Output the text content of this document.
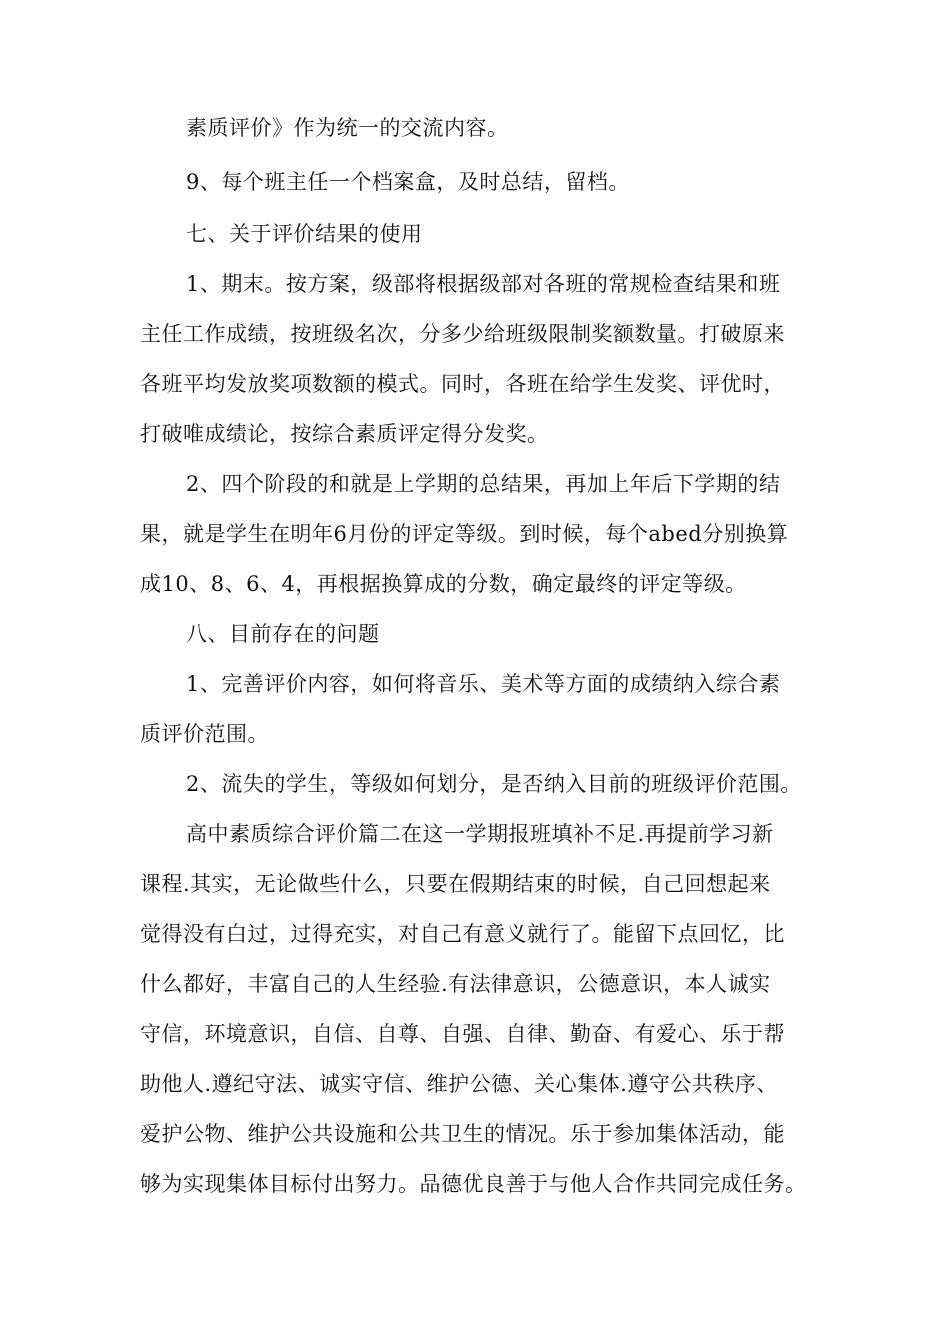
素质评价》作为统一的交流内容。
9、每个班主任一个档案盒，及时总结，留档。
七、关于评价结果的使用
1、期末。按方案，级部将根据级部对各班的常规检查结果和班
主任工作成绩，按班级名次，分多少给班级限制奖额数量。打破原来
各班平均发放奖项数额的模式。同时，各班在给学生发奖、评优时，
打破唯成绩论，按综合素质评定得分发奖。
2、四个阶段的和就是上学期的总结果，再加上年后下学期的结
果，就是学生在明年6月份的评定等级。到时候，每个abed分别换算
成10、8、6、4，再根据换算成的分数，确定最终的评定等级。
八、目前存在的问题
1、完善评价内容，如何将音乐、美术等方面的成绩纳入综合素
质评价范围。
2、流失的学生，等级如何划分，是否纳入目前的班级评价范围。
高中素质综合评价篇二在这一学期报班填补不足.再提前学习新
课程.其实，无论做些什么，只要在假期结束的时候，自己回想起来
觉得没有白过，过得充实，对自己有意义就行了。能留下点回忆，比
什么都好，丰富自己的人生经验.有法律意识，公德意识，本人诚实
守信，环境意识，自信、自尊、自强、自律、勤奋、有爱心、乐于帮
助他人.遵纪守法、诚实守信、维护公德、关心集体.遵守公共秩序、
爱护公物、维护公共设施和公共卫生的情况。乐于参加集体活动，能
够为实现集体目标付出努力。品德优良善于与他人合作共同完成任务。
